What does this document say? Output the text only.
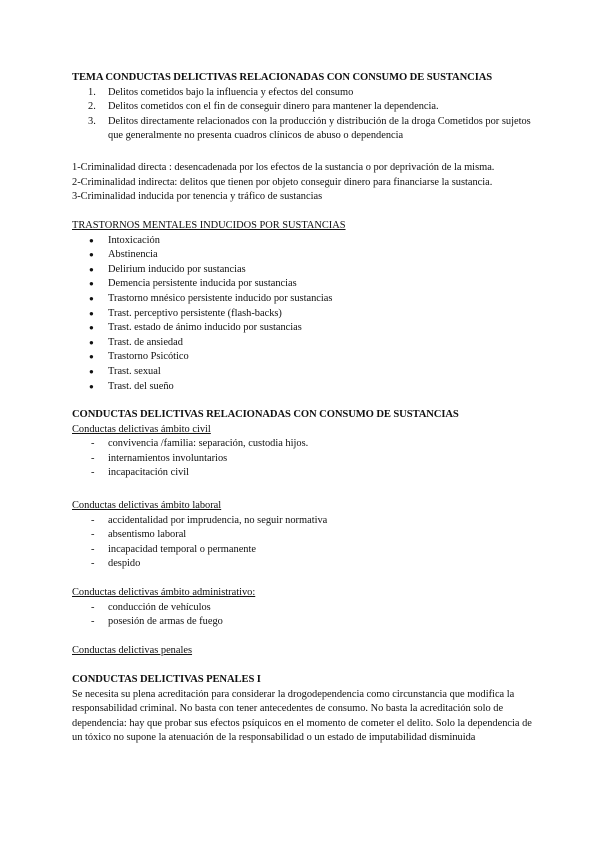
TEMA CONDUCTAS DELICTIVAS RELACIONADAS CON CONSUMO DE SUSTANCIAS
1. Delitos cometidos bajo la influencia y efectos del consumo
2. Delitos cometidos con el fin de conseguir dinero para mantener la dependencia.
3. Delitos directamente relacionados con la producción y distribución de la droga Cometidos por sujetos que generalmente no presenta cuadros clínicos de abuso o dependencia

1-Criminalidad directa : desencadenada por los efectos de la sustancia o por deprivación de la misma.

2-Criminalidad indirecta: delitos que tienen por objeto conseguir dinero para financiarse la sustancia.

3-Criminalidad inducida por tenencia y tráfico de sustancias

TRASTORNOS MENTALES INDUCIDOS POR SUSTANCIAS
● Intoxicación
● Abstinencia
● Delirium inducido por sustancias
● Demencia persistente inducida por sustancias
● Trastorno mnésico persistente inducido por sustancias
● Trast. perceptivo persistente (flash-backs)
● Trast. estado de ánimo inducido por sustancias
● Trast. de ansiedad
● Trastorno Psicótico
● Trast. sexual
● Trast. del sueño
CONDUCTAS DELICTIVAS RELACIONADAS CON CONSUMO DE SUSTANCIAS
Conductas delictivas ámbito civil
- convivencia /familia: separación, custodia hijos.
- internamientos involuntarios
- incapacitación civil
Conductas delictivas ámbito laboral
- accidentalidad por imprudencia, no seguir normativa
- absentismo laboral
- incapacidad temporal o permanente
- despido
Conductas delictivas ámbito administrativo:
- conducción de vehículos
- posesión de armas de fuego
Conductas delictivas penales
CONDUCTAS DELICTIVAS PENALES I

Se necesita su plena acreditación para considerar la drogodependencia como circunstancia que modifica la responsabilidad criminal. No basta con tener antecedentes de consumo. No basta la acreditación solo de dependencia: hay que probar sus efectos psíquicos en el momento de cometer el delito. Solo la dependencia de un tóxico no supone la atenuación de la responsabilidad o un estado de imputabilidad disminuida
